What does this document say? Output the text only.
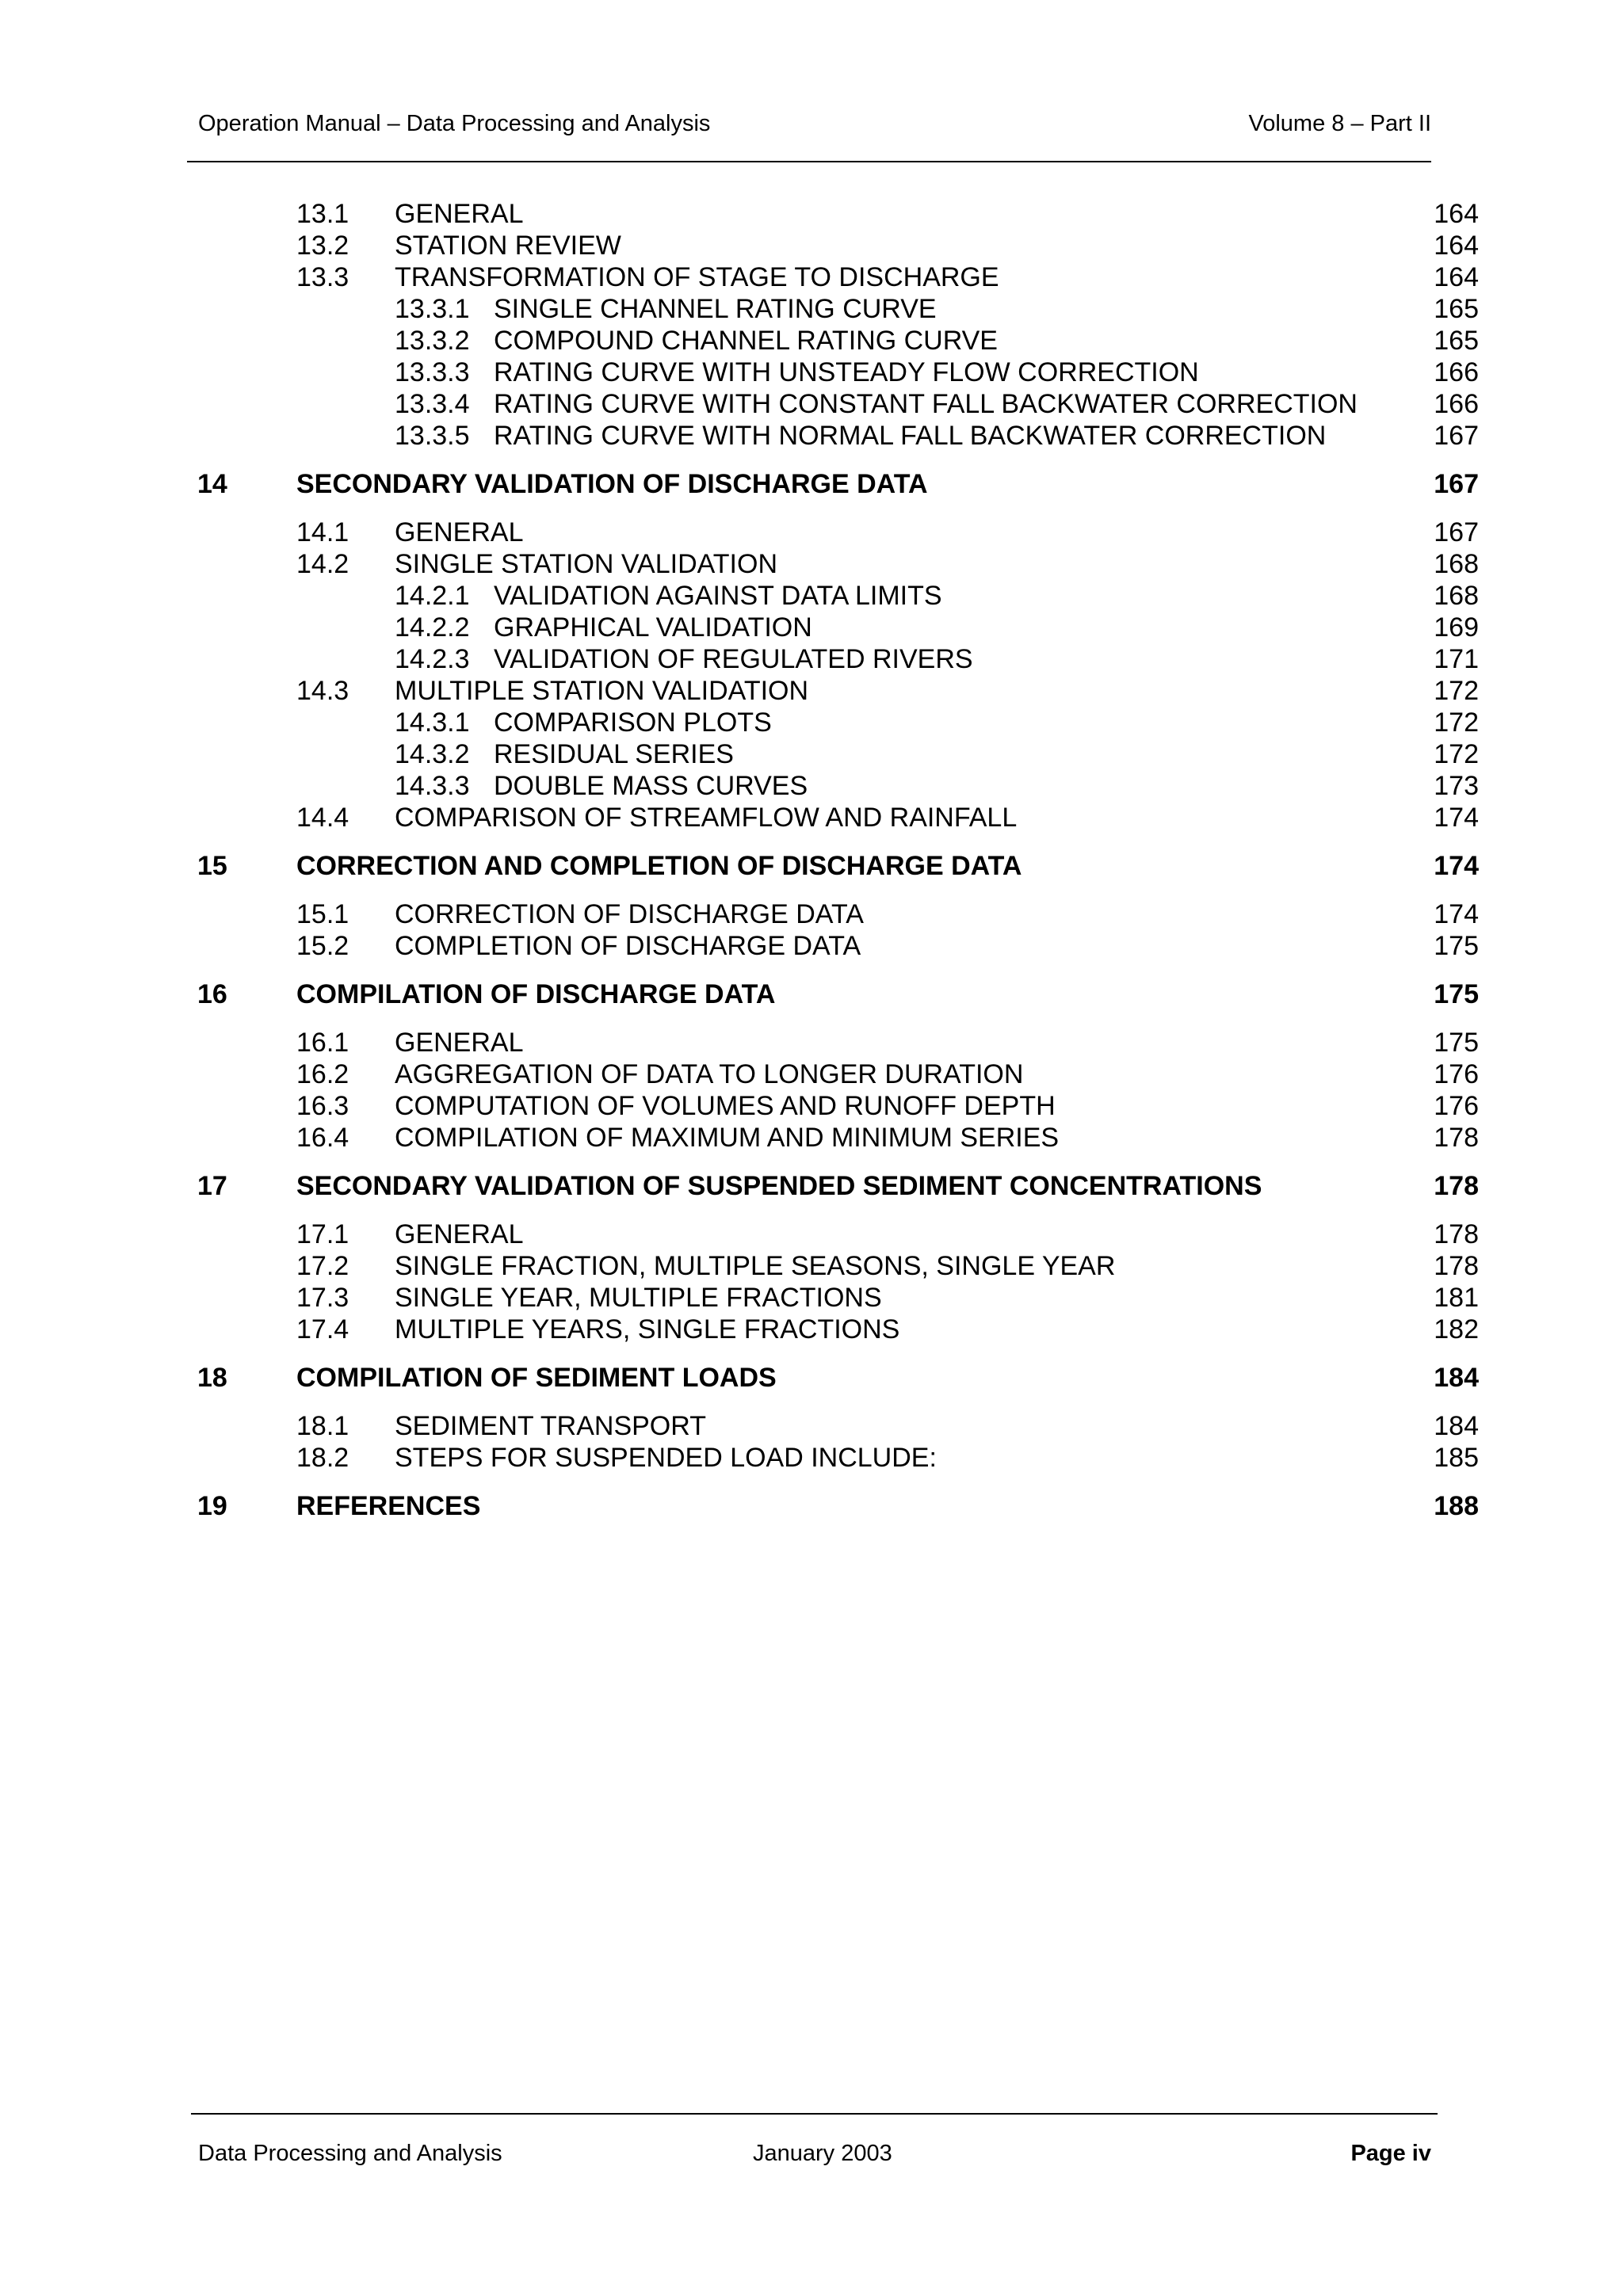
Operation Manual – Data Processing and Analysis	Volume 8 – Part II
13.1 GENERAL	164
13.2 STATION REVIEW	164
13.3 TRANSFORMATION OF STAGE TO DISCHARGE	164
13.3.1 SINGLE CHANNEL RATING CURVE	165
13.3.2 COMPOUND CHANNEL RATING CURVE	165
13.3.3 RATING CURVE WITH UNSTEADY FLOW CORRECTION	166
13.3.4 RATING CURVE WITH CONSTANT FALL BACKWATER CORRECTION	166
13.3.5 RATING CURVE WITH NORMAL FALL BACKWATER CORRECTION	167
14	SECONDARY VALIDATION OF DISCHARGE DATA	167
14.1 GENERAL	167
14.2 SINGLE STATION VALIDATION	168
14.2.1 VALIDATION AGAINST DATA LIMITS	168
14.2.2 GRAPHICAL VALIDATION	169
14.2.3 VALIDATION OF REGULATED RIVERS	171
14.3 MULTIPLE STATION VALIDATION	172
14.3.1 COMPARISON PLOTS	172
14.3.2 RESIDUAL SERIES	172
14.3.3 DOUBLE MASS CURVES	173
14.4 COMPARISON OF STREAMFLOW AND RAINFALL	174
15	CORRECTION AND COMPLETION OF DISCHARGE DATA	174
15.1 CORRECTION OF DISCHARGE DATA	174
15.2 COMPLETION OF DISCHARGE DATA	175
16	COMPILATION OF DISCHARGE DATA	175
16.1 GENERAL	175
16.2 AGGREGATION OF DATA TO LONGER DURATION	176
16.3 COMPUTATION OF VOLUMES AND RUNOFF DEPTH	176
16.4 COMPILATION OF MAXIMUM AND MINIMUM SERIES	178
17	SECONDARY VALIDATION OF SUSPENDED SEDIMENT CONCENTRATIONS	178
17.1 GENERAL	178
17.2 SINGLE FRACTION, MULTIPLE SEASONS, SINGLE YEAR	178
17.3 SINGLE YEAR, MULTIPLE FRACTIONS	181
17.4 MULTIPLE YEARS, SINGLE FRACTIONS	182
18	COMPILATION OF SEDIMENT LOADS	184
18.1 SEDIMENT TRANSPORT	184
18.2 STEPS FOR SUSPENDED LOAD INCLUDE:	185
19	REFERENCES	188
Data Processing and Analysis	January 2003	Page iv
